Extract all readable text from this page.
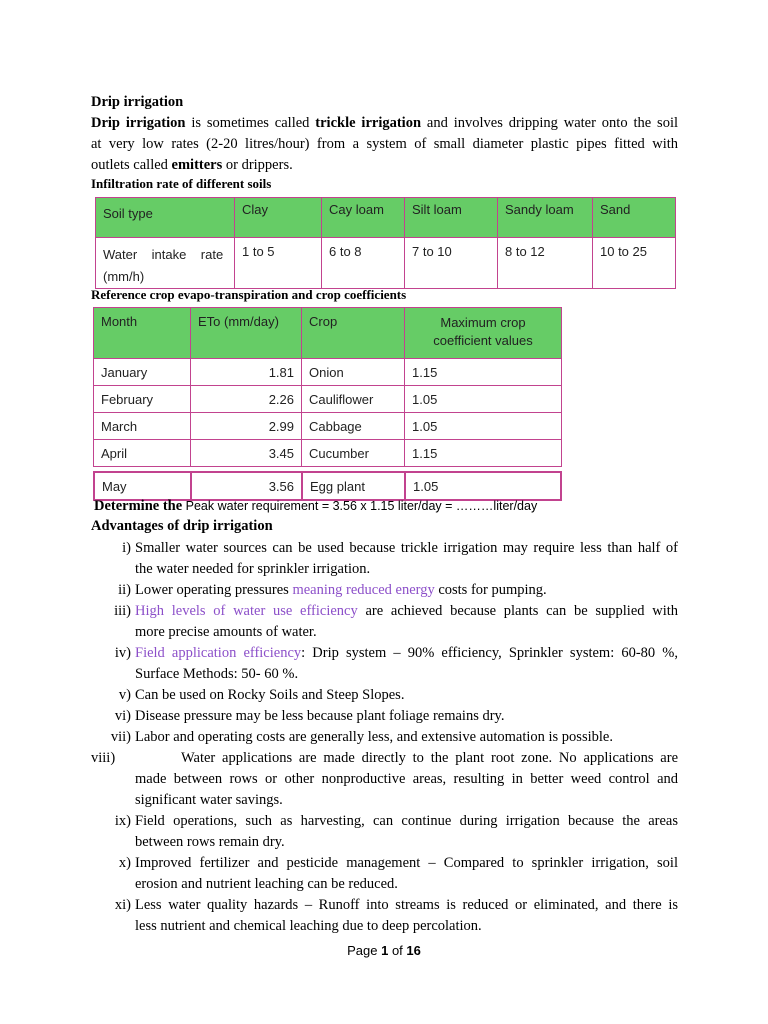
Drip irrigation
Drip irrigation is sometimes called trickle irrigation and involves dripping water onto the soil
at very low rates (2-20 litres/hour) from a system of small diameter plastic pipes fitted with
outlets called emitters or drippers.
Infiltration rate of different soils
Soil type	Clay	Cay loam	Silt loam	Sandy loam	Sand
Water    intake    rate
(mm/h)	1 to 5	6 to 8	7 to 10	8 to 12	10 to 25
Reference crop evapo-transpiration and crop coefficients
Month	ETo (mm/day)	Crop	Maximum crop
coefficient values
January	1.81	Onion	1.15
February	2.26	Cauliflower	1.05
March	2.99	Cabbage	1.05
April	3.45	Cucumber	1.15
May	3.56	Egg plant	1.05
Determine the Peak water requirement = 3.56 x 1.15 liter/day = ………liter/day
Advantages of drip irrigation
i) Smaller water sources can be used because trickle irrigation may require less than half of
the water needed for sprinkler irrigation.
ii) Lower operating pressures meaning reduced energy costs for pumping.
iii) High levels of water use efficiency are achieved because plants can be supplied with
more precise amounts of water.
iv) Field application efficiency: Drip system – 90% efficiency, Sprinkler system: 60-80 %,
Surface Methods: 50- 60 %.
v) Can be used on Rocky Soils and Steep Slopes.
vi) Disease pressure may be less because plant foliage remains dry.
vii) Labor and operating costs are generally less, and extensive automation is possible.
viii)	Water applications are made directly to the plant root zone. No applications are
made between rows or other nonproductive areas, resulting in better weed control and
significant water savings.
ix) Field operations, such as harvesting, can continue during irrigation because the areas
between rows remain dry.
x) Improved fertilizer and pesticide management – Compared to sprinkler irrigation, soil
erosion and nutrient leaching can be reduced.
xi) Less water quality hazards – Runoff into streams is reduced or eliminated, and there is
less nutrient and chemical leaching due to deep percolation.
Page 1 of 16
